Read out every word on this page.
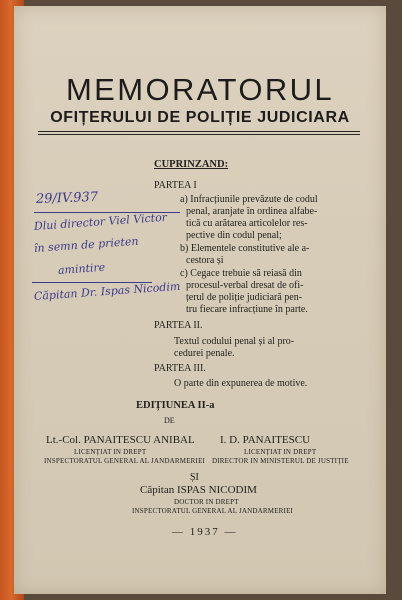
MEMORATORUL
OFIȚERULUI DE POLIȚIE JUDICIARA
CUPRINZAND:
PARTEA I
a) Infracțiunile prevăzute de codul
penal, aranjate în ordinea alfabe-
tică cu arătarea articolelor res-
pective din codul penal;
b) Elementele constitutive ale a-
cestora și
c) Cegace trebuie să reiasă din
procesul-verbal dresat de ofi-
țerul de poliție judiciară pen-
tru fiecare infracțiune în parte.
PARTEA II.
Textul codului penal și al pro-
cedurei penale.
PARTEA III.
O parte din expunerea de motive.
EDIȚIUNEA II-a
DE
Lt.-Col. PANAITESCU ANIBAL
LICENȚIAT IN DREPT
INSPECTORATUL GENERAL AL JANDARMERIEI
I. D. PANAITESCU
LICENȚIAT IN DREPT
DIRECTOR IN MINISTERUL DE JUSTIȚIE
ȘI
Căpitan ISPAS NICODIM
DOCTOR IN DREPT
INSPECTORATUL GENERAL AL JANDARMERIEI
— 1937 —
29/IV.937
Dlui director Viel Victor
în semn de prieten
amintire
Căpitan Dr. Ispas Nicodim
